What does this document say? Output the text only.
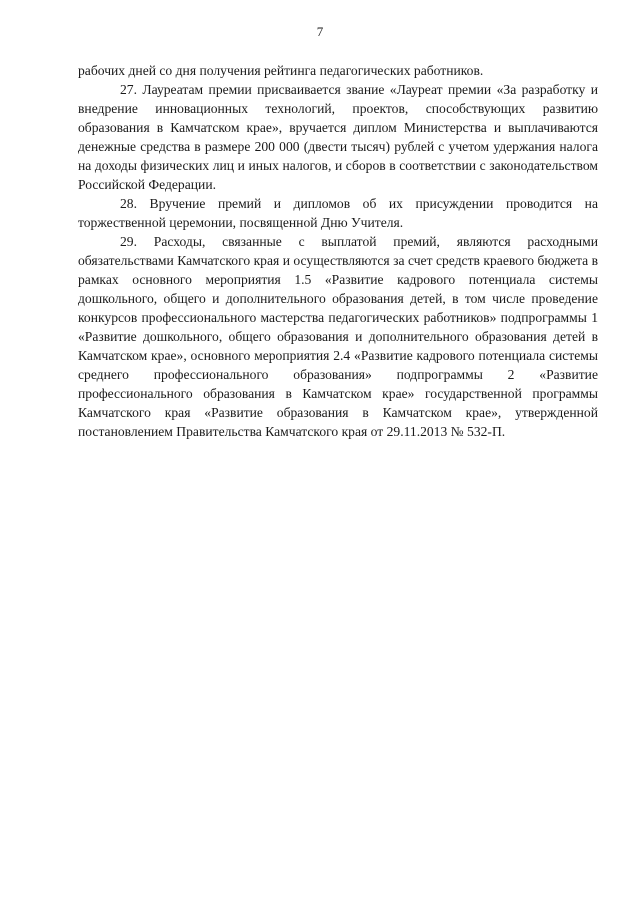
7

рабочих дней со дня получения рейтинга педагогических работников.

27. Лауреатам премии присваивается звание «Лауреат премии «За разработку и внедрение инновационных технологий, проектов, способствующих развитию образования в Камчатском крае», вручается диплом Министерства и выплачиваются денежные средства в размере 200 000 (двести тысяч) рублей с учетом удержания налога на доходы физических лиц и иных налогов, и сборов в соответствии с законодательством Российской Федерации.

28. Вручение премий и дипломов об их присуждении проводится на торжественной церемонии, посвященной Дню Учителя.

29. Расходы, связанные с выплатой премий, являются расходными обязательствами Камчатского края и осуществляются за счет средств краевого бюджета в рамках основного мероприятия 1.5 «Развитие кадрового потенциала системы дошкольного, общего и дополнительного образования детей, в том числе проведение конкурсов профессионального мастерства педагогических работников» подпрограммы 1 «Развитие дошкольного, общего образования и дополнительного образования детей в Камчатском крае», основного мероприятия 2.4 «Развитие кадрового потенциала системы среднего профессионального образования» подпрограммы 2 «Развитие профессионального образования в Камчатском крае» государственной программы Камчатского края «Развитие образования в Камчатском крае», утвержденной постановлением Правительства Камчатского края от 29.11.2013 № 532-П.
